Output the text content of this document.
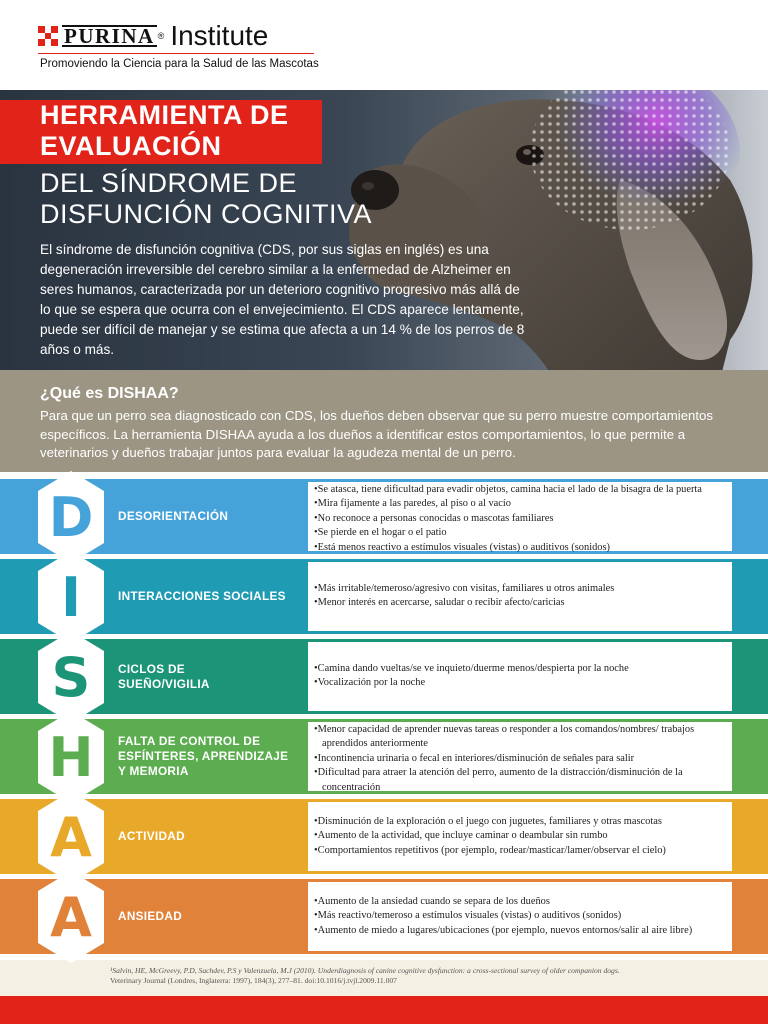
PURINA ® Institute
Promoviendo la Ciencia para la Salud de las Mascotas
HERRAMIENTA DE
EVALUACIÓN
DEL SÍNDROME DE
DISFUNCIÓN COGNITIVA

El síndrome de disfunción cognitiva (CDS, por sus siglas en inglés) es una degeneración irreversible del cerebro similar a la enfermedad de Alzheimer en seres humanos, caracterizada por un deterioro cognitivo progresivo más allá de lo que se espera que ocurra con el envejecimiento. El CDS aparece lentamente, puede ser difícil de manejar y se estima que afecta a un 14 % de los perros de 8 años o más.

¿Qué es DISHAA?

Para que un perro sea diagnosticado con CDS, los dueños deben observar que su perro muestre comportamientos específicos. La herramienta DISHAA ayuda a los dueños a identificar estos comportamientos, lo que permite a veterinarios y dueños trabajar juntos para evaluar la agudeza mental de un perro.

D	DESORIENTACIÓN
• Se atasca, tiene dificultad para evadir objetos, camina hacia el lado de la bisagra de la puerta
• Mira fijamente a las paredes, al piso o al vacío
• No reconoce a personas conocidas o mascotas familiares
• Se pierde en el hogar o el patio
• Está menos reactivo a estímulos visuales (vistas) o auditivos (sonidos)
I	INTERACCIONES SOCIALES
• Más irritable/temeroso/agresivo con visitas, familiares u otros animales
• Menor interés en acercarse, saludar o recibir afecto/caricias
S	CICLOS DE
SUEÑO/VIGILIA
• Camina dando vueltas/se ve inquieto/duerme menos/despierta por la noche
• Vocalización por la noche
H	FALTA DE CONTROL DE
ESFÍNTERES, APRENDIZAJE
Y MEMORIA
• Menor capacidad de aprender nuevas tareas o responder a los comandos/nombres/ trabajos aprendidos anteriormente
• Incontinencia urinaria o fecal en interiores/disminución de señales para salir
• Dificultad para atraer la atención del perro, aumento de la distracción/disminución de la concentración
A	ACTIVIDAD
• Disminución de la exploración o el juego con juguetes, familiares y otras mascotas
• Aumento de la actividad, que incluye caminar o deambular sin rumbo
• Comportamientos repetitivos (por ejemplo, rodear/masticar/lamer/observar el cielo)
A	ANSIEDAD
• Aumento de la ansiedad cuando se separa de los dueños
• Más reactivo/temeroso a estímulos visuales (vistas) o auditivos (sonidos)
• Aumento de miedo a lugares/ubicaciones (por ejemplo, nuevos entornos/salir al aire libre)
¹Salvin, HE, McGreevy, P.D, Sachdev, P.S y Valenzuela, M.J (2010). Underdiagnosis of canine cognitive dysfunction: a cross-sectional survey of older companion dogs.
Veterinary Journal (Londres, Inglaterra: 1997), 184(3), 277–81. doi:10.1016/j.tvjl.2009.11.007
